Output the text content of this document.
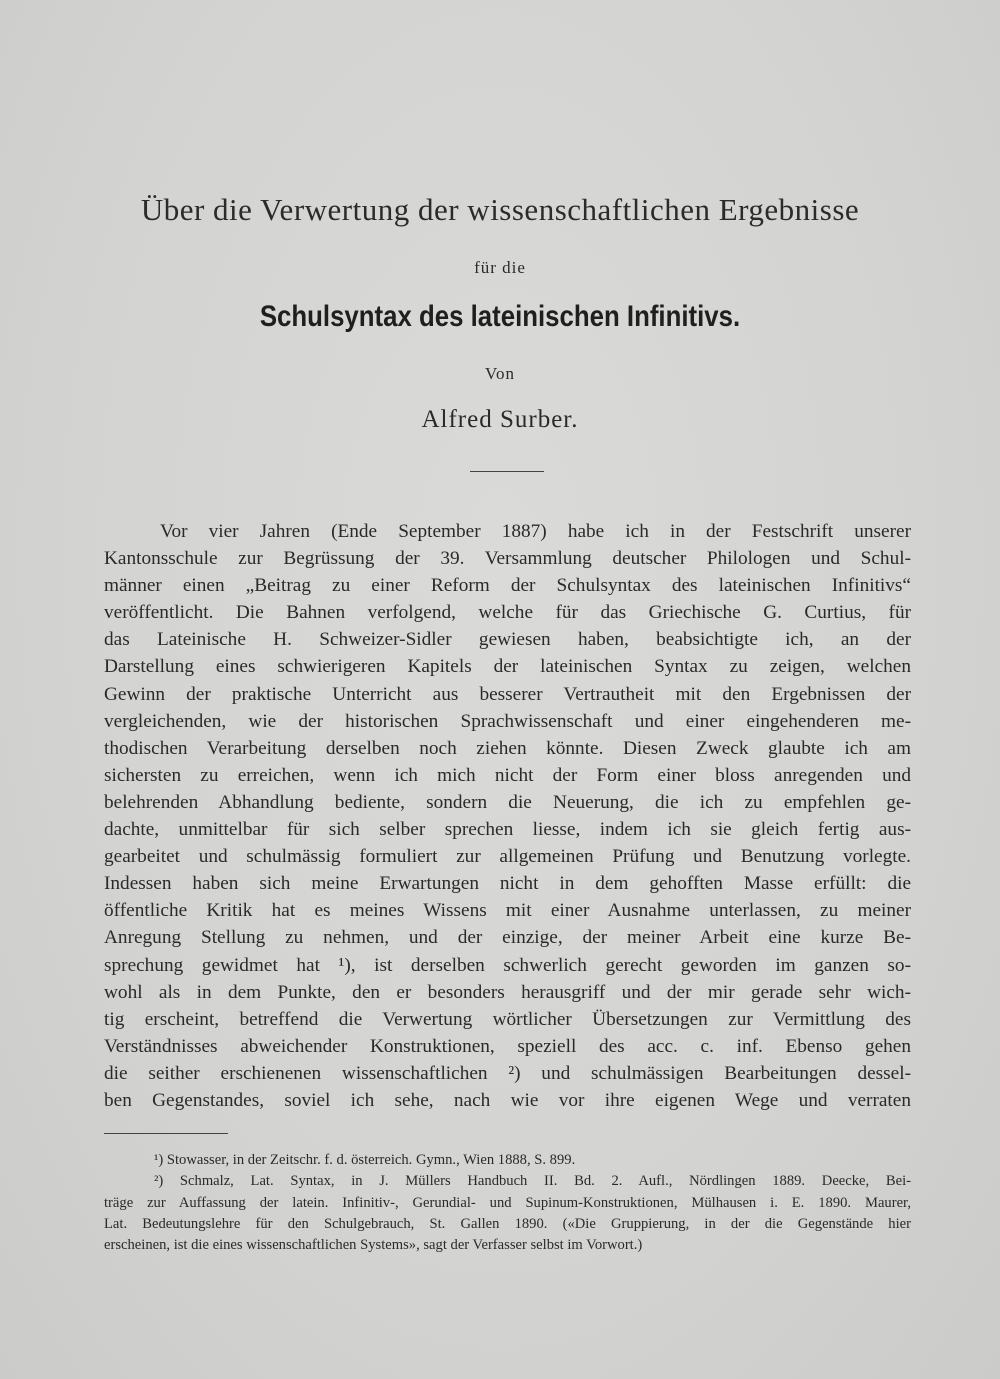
Über die Verwertung der wissenschaftlichen Ergebnisse
für die
Schulsyntax des lateinischen Infinitivs.
Von
Alfred Surber.

Vor vier Jahren (Ende September 1887) habe ich in der Festschrift unserer
Kantonsschule zur Begrüssung der 39. Versammlung deutscher Philologen und Schul-
männer einen „Beitrag zu einer Reform der Schulsyntax des lateinischen Infinitivs“
veröffentlicht. Die Bahnen verfolgend, welche für das Griechische G. Curtius, für
das Lateinische H. Schweizer-Sidler gewiesen haben, beabsichtigte ich, an der
Darstellung eines schwierigeren Kapitels der lateinischen Syntax zu zeigen, welchen
Gewinn der praktische Unterricht aus besserer Vertrautheit mit den Ergebnissen der
vergleichenden, wie der historischen Sprachwissenschaft und einer eingehenderen me-
thodischen Verarbeitung derselben noch ziehen könnte. Diesen Zweck glaubte ich am
sichersten zu erreichen, wenn ich mich nicht der Form einer bloss anregenden und
belehrenden Abhandlung bediente, sondern die Neuerung, die ich zu empfehlen ge-
dachte, unmittelbar für sich selber sprechen liesse, indem ich sie gleich fertig aus-
gearbeitet und schulmässig formuliert zur allgemeinen Prüfung und Benutzung vorlegte.
Indessen haben sich meine Erwartungen nicht in dem gehofften Masse erfüllt: die
öffentliche Kritik hat es meines Wissens mit einer Ausnahme unterlassen, zu meiner
Anregung Stellung zu nehmen, und der einzige, der meiner Arbeit eine kurze Be-
sprechung gewidmet hat ¹), ist derselben schwerlich gerecht geworden im ganzen so-
wohl als in dem Punkte, den er besonders herausgriff und der mir gerade sehr wich-
tig erscheint, betreffend die Verwertung wörtlicher Übersetzungen zur Vermittlung des
Verständnisses abweichender Konstruktionen, speziell des acc. c. inf. Ebenso gehen
die seither erschienenen wissenschaftlichen ²) und schulmässigen Bearbeitungen dessel-
ben Gegenstandes, soviel ich sehe, nach wie vor ihre eigenen Wege und verraten

¹) Stowasser, in der Zeitschr. f. d. österreich. Gymn., Wien 1888, S. 899.
²) Schmalz, Lat. Syntax, in J. Müllers Handbuch II. Bd. 2. Aufl., Nördlingen 1889. Deecke, Bei-
träge zur Auffassung der latein. Infinitiv-, Gerundial- und Supinum-Konstruktionen, Mülhausen i. E. 1890. Maurer,
Lat. Bedeutungslehre für den Schulgebrauch, St. Gallen 1890. («Die Gruppierung, in der die Gegenstände hier
erscheinen, ist die eines wissenschaftlichen Systems», sagt der Verfasser selbst im Vorwort.)
